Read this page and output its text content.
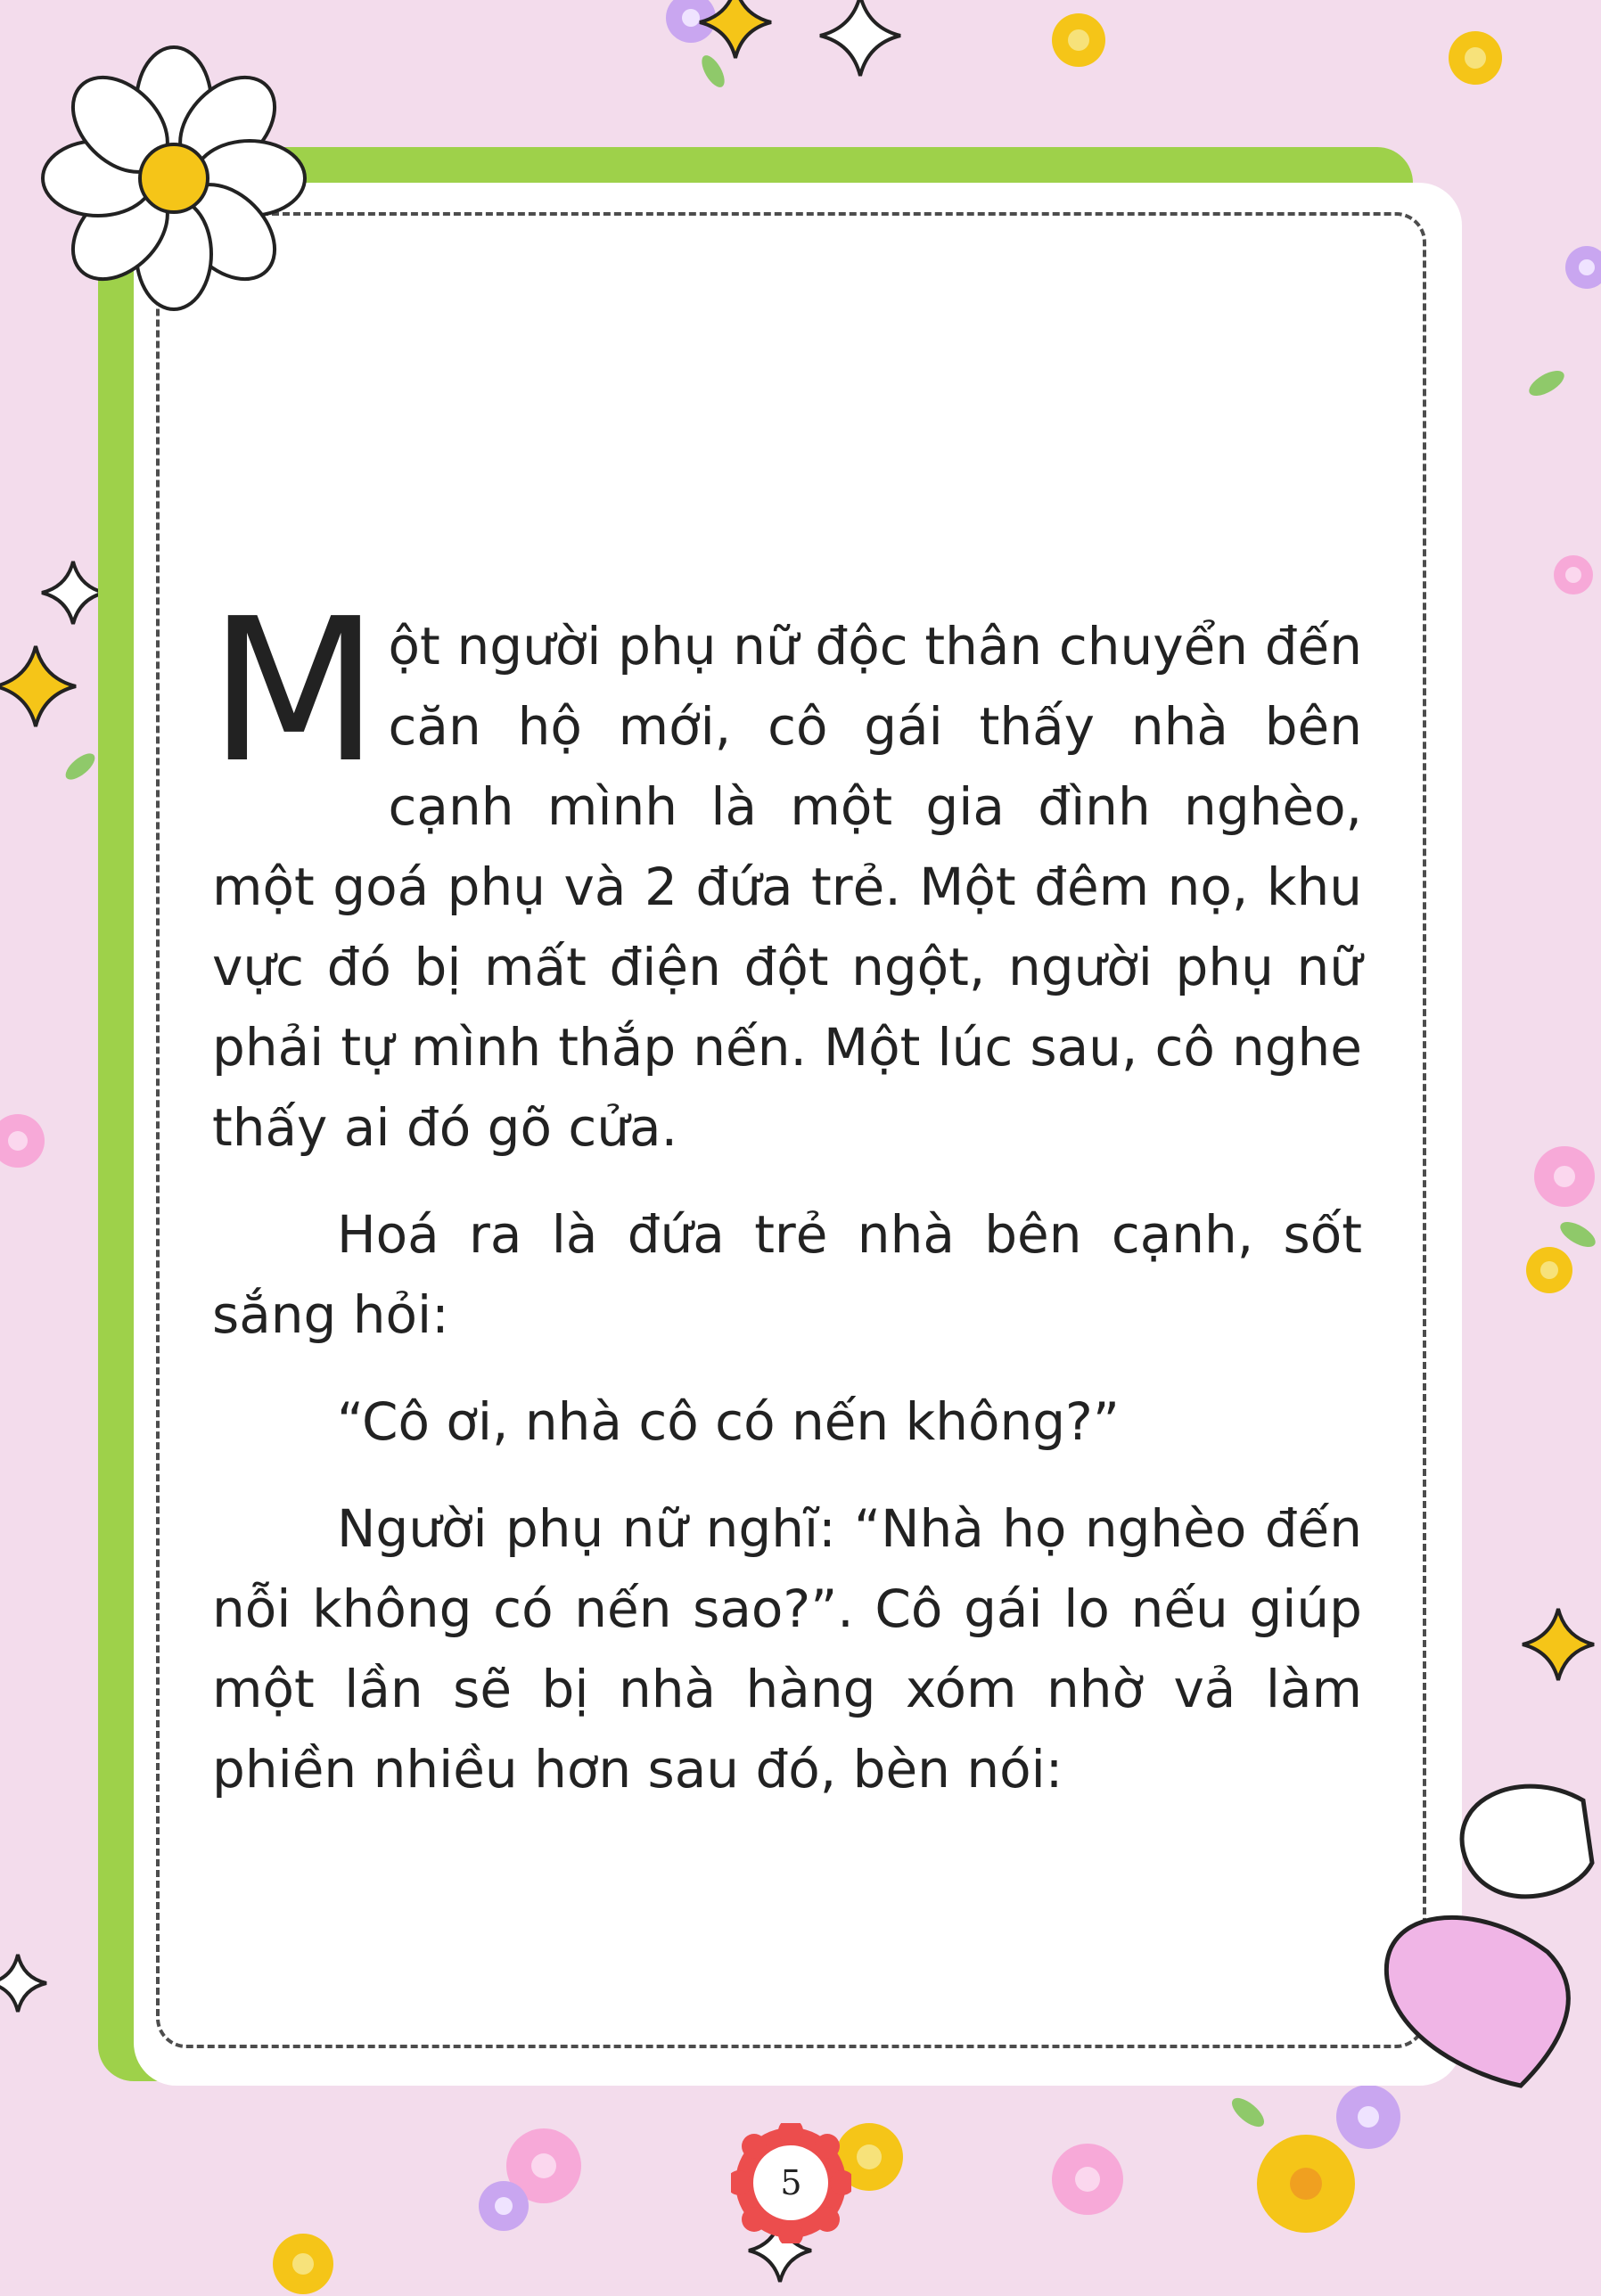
Một người phụ nữ độc thân chuyển đến căn hộ mới, cô gái thấy nhà bên cạnh mình là một gia đình nghèo, một goá phụ và 2 đứa trẻ. Một đêm nọ, khu vực đó bị mất điện đột ngột, người phụ nữ phải tự mình thắp nến. Một lúc sau, cô nghe thấy ai đó gõ cửa.

Hoá ra là đứa trẻ nhà bên cạnh, sốt sắng hỏi:

“Cô ơi, nhà cô có nến không?”

Người phụ nữ nghĩ: “Nhà họ nghèo đến nỗi không có nến sao?”. Cô gái lo nếu giúp một lần sẽ bị nhà hàng xóm nhờ vả làm phiền nhiều hơn sau đó, bèn nói:

5
